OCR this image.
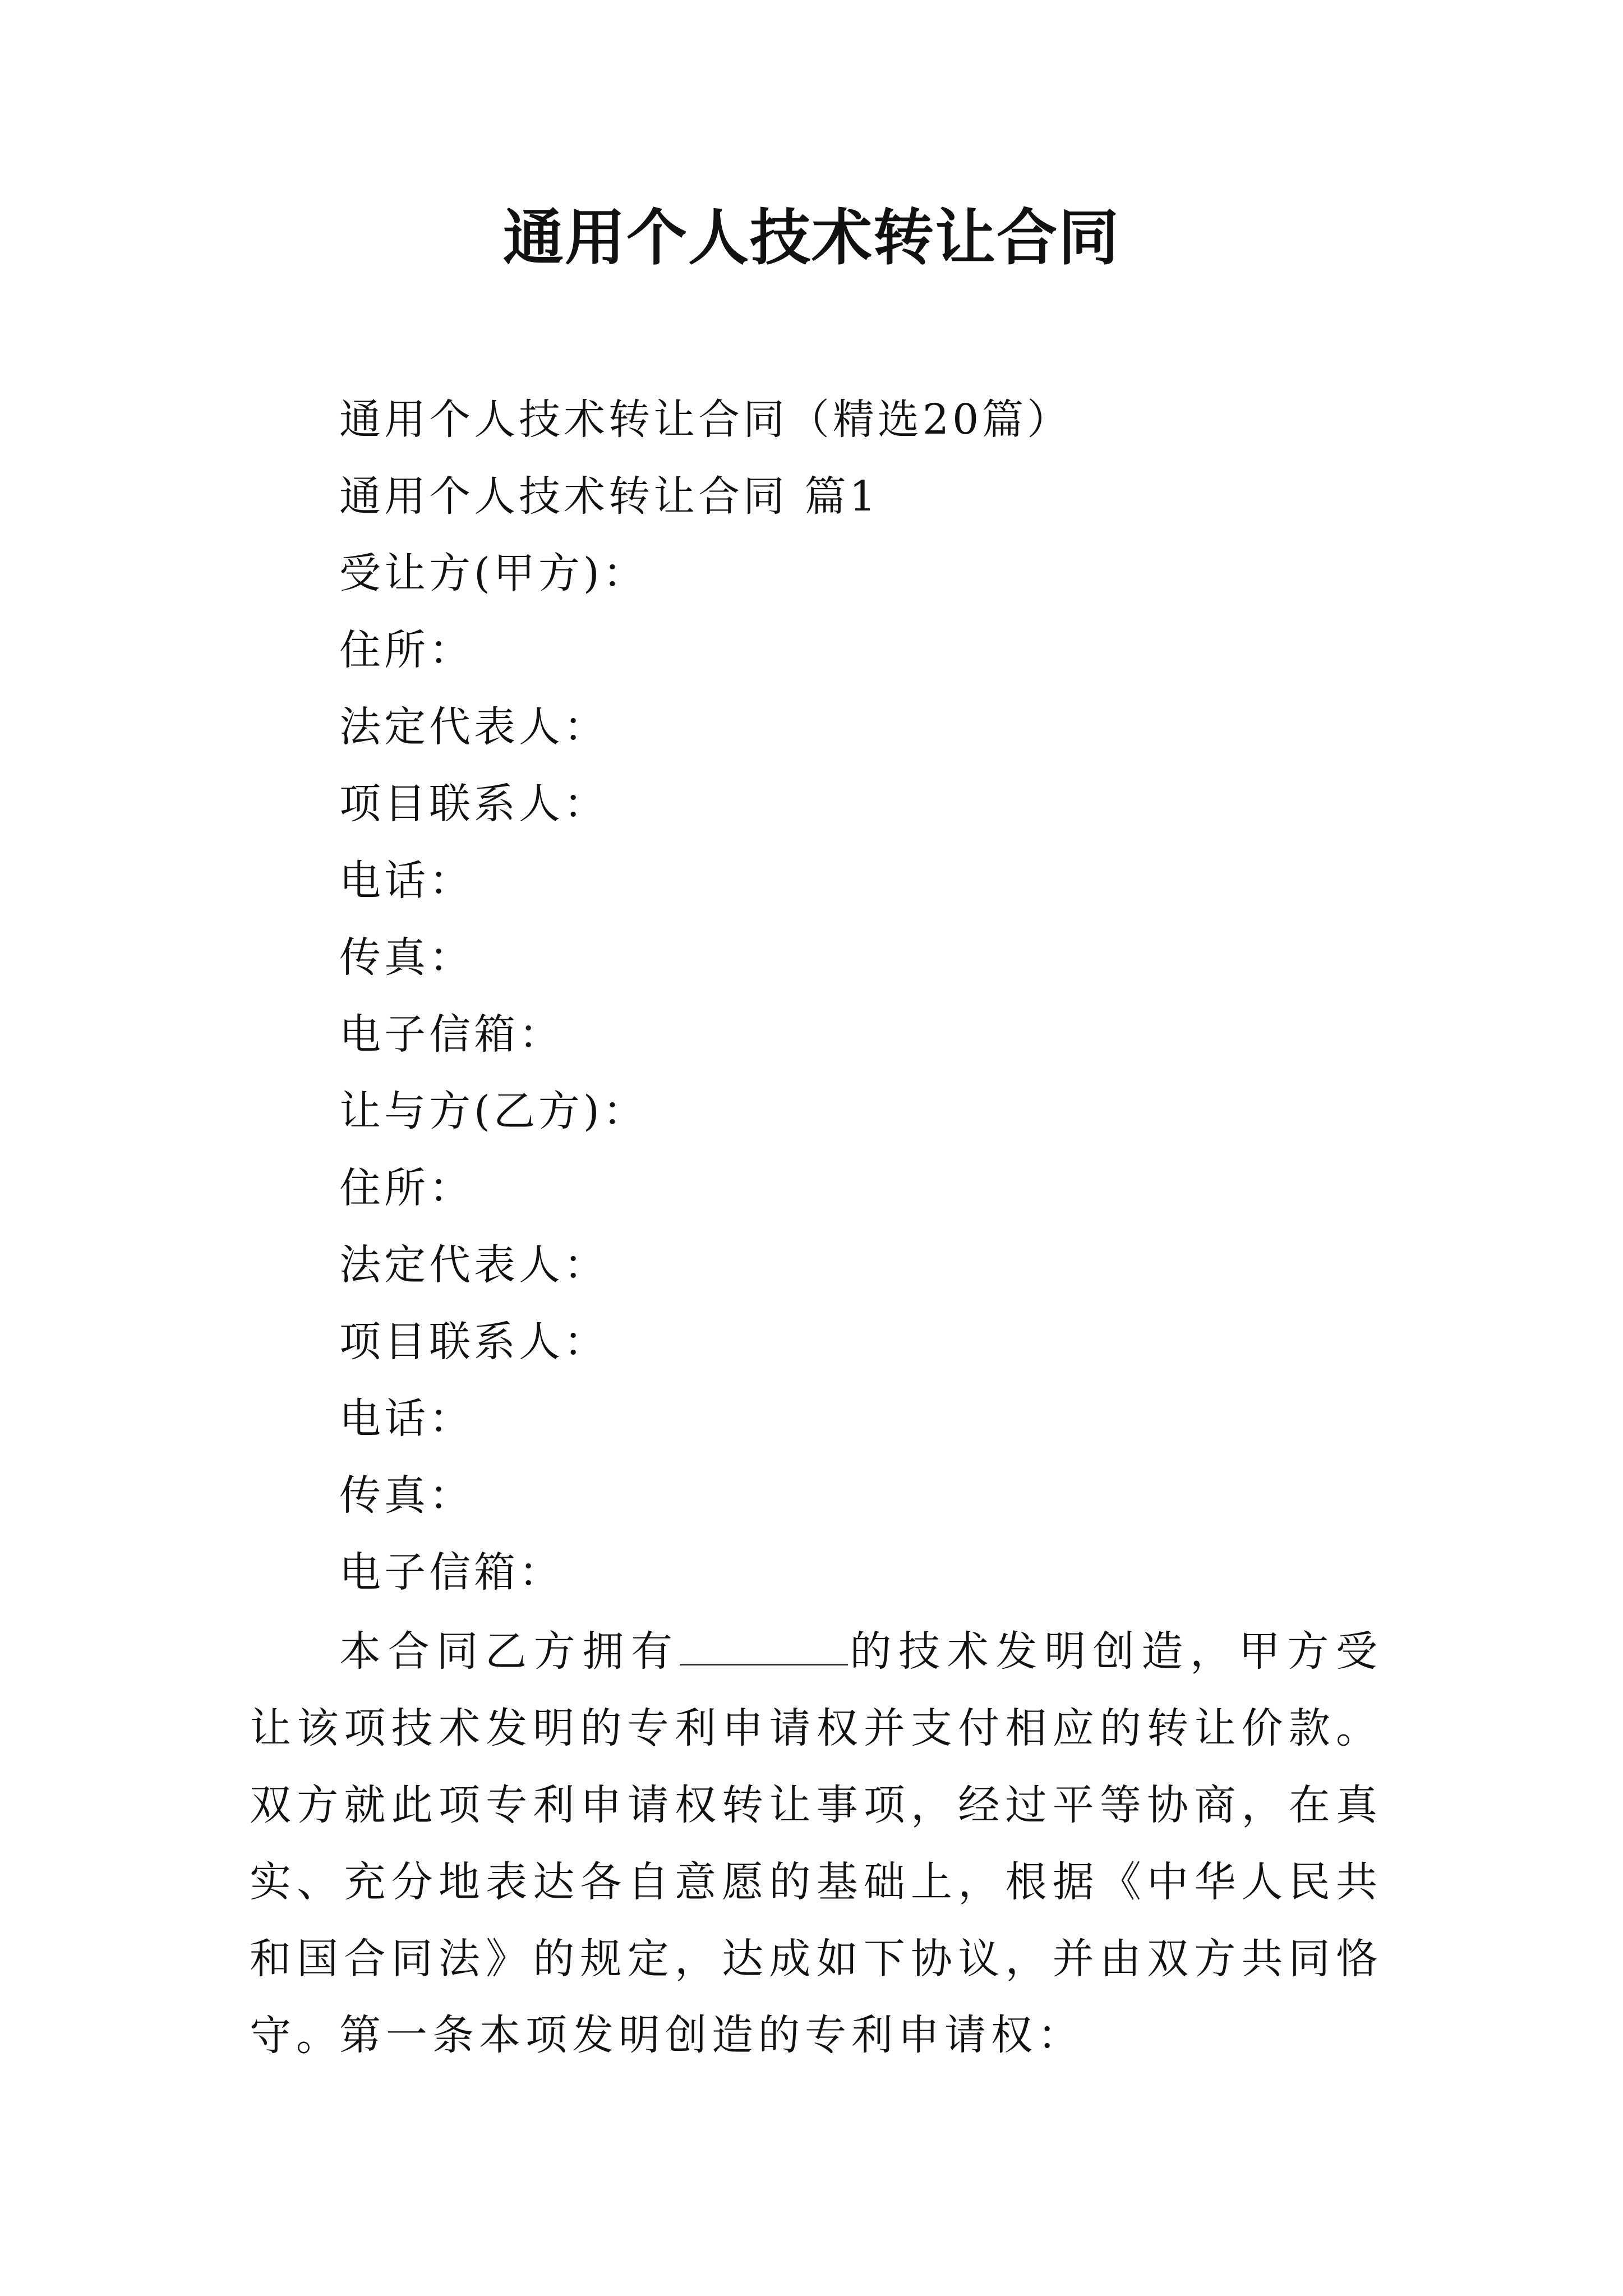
通用个人技术转让合同
通用个人技术转让合同（精选20篇）
通用个人技术转让合同 篇1
受让方(甲方)：
住所：
法定代表人：
项目联系人：
电话：
传真：
电子信箱：
让与方(乙方)：
住所：
法定代表人：
项目联系人：
电话：
传真：
电子信箱：

本合同乙方拥有	的技术发明创造，甲方受让该项技术发明的专利申请权并支付相应的转让价款。双方就此项专利申请权转让事项，经过平等协商，在真实、充分地表达各自意愿的基础上，根据《中华人民共和国合同法》的规定，达成如下协议，并由双方共同恪守。

第一条本项发明创造的专利申请权：
